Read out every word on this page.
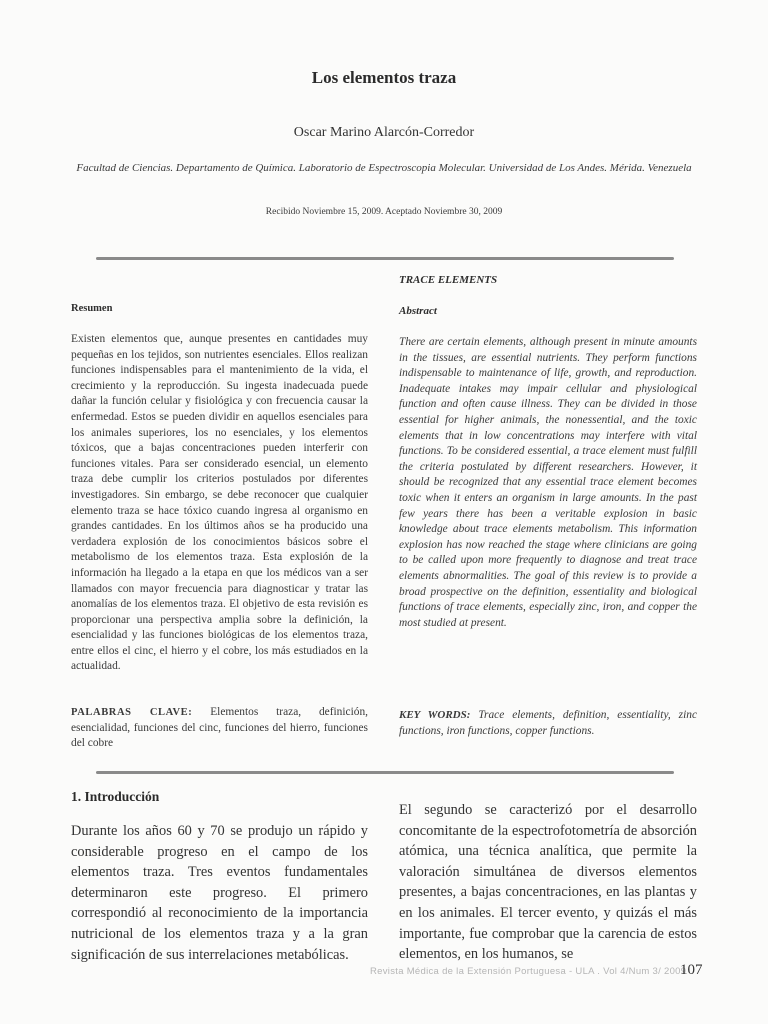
Los elementos traza
Oscar Marino Alarcón-Corredor
Facultad de Ciencias. Departamento de Química. Laboratorio de Espectroscopia Molecular. Universidad de Los Andes. Mérida. Venezuela
Recibido Noviembre 15, 2009. Aceptado Noviembre 30, 2009
TRACE ELEMENTS
Resumen
Existen elementos que, aunque presentes en cantidades muy pequeñas en los tejidos, son nutrientes esenciales. Ellos realizan funciones indispensables para el mantenimiento de la vida, el crecimiento y la reproducción. Su ingesta inadecuada puede dañar la función celular y fisiológica y con frecuencia causar la enfermedad. Estos se pueden dividir en aquellos esenciales para los animales superiores, los no esenciales, y los elementos tóxicos, que a bajas concentraciones pueden interferir con funciones vitales. Para ser considerado esencial, un elemento traza debe cumplir los criterios postulados por diferentes investigadores. Sin embargo, se debe reconocer que cualquier elemento traza se hace tóxico cuando ingresa al organismo en grandes cantidades. En los últimos años se ha producido una verdadera explosión de los conocimientos básicos sobre el metabolismo de los elementos traza. Esta explosión de la información ha llegado a la etapa en que los médicos van a ser llamados con mayor frecuencia para diagnosticar y tratar las anomalías de los elementos traza. El objetivo de esta revisión es proporcionar una perspectiva amplia sobre la definición, la esencialidad y las funciones biológicas de los elementos traza, entre ellos el cinc, el hierro y el cobre, los más estudiados en la actualidad.
PALABRAS CLAVE: Elementos traza, definición, esencialidad, funciones del cinc, funciones del hierro, funciones del cobre
Abstract
There are certain elements, although present in minute amounts in the tissues, are essential nutrients. They perform functions indispensable to maintenance of life, growth, and reproduction. Inadequate intakes may impair cellular and physiological function and often cause illness. They can be divided in those essential for higher animals, the nonessential, and the toxic elements that in low concentrations may interfere with vital functions. To be considered essential, a trace element must fulfill the criteria postulated by different researchers. However, it should be recognized that any essential trace element becomes toxic when it enters an organism in large amounts. In the past few years there has been a veritable explosion in basic knowledge about trace elements metabolism. This information explosion has now reached the stage where clinicians are going to be called upon more frequently to diagnose and treat trace elements abnormalities. The goal of this review is to provide a broad prospective on the definition, essentiality and biological functions of trace elements, especially zinc, iron, and copper the most studied at present.
KEY WORDS: Trace elements, definition, essentiality, zinc functions, iron functions, copper functions.
1. Introducción
Durante los años 60 y 70 se produjo un rápido y considerable progreso en el campo de los elementos traza. Tres eventos fundamentales determinaron este progreso. El primero correspondió al reconocimiento de la importancia nutricional de los elementos traza y a la gran significación de sus interrelaciones metabólicas.
El segundo se caracterizó por el desarrollo concomitante de la espectrofotometría de absorción atómica, una técnica analítica, que permite la valoración simultánea de diversos elementos presentes, a bajas concentraciones, en las plantas y en los animales. El tercer evento, y quizás el más importante, fue comprobar que la carencia de estos elementos, en los humanos, se
Revista Médica de la Extensión Portuguesa - ULA . Vol 4/Num 3/ 2009
107
